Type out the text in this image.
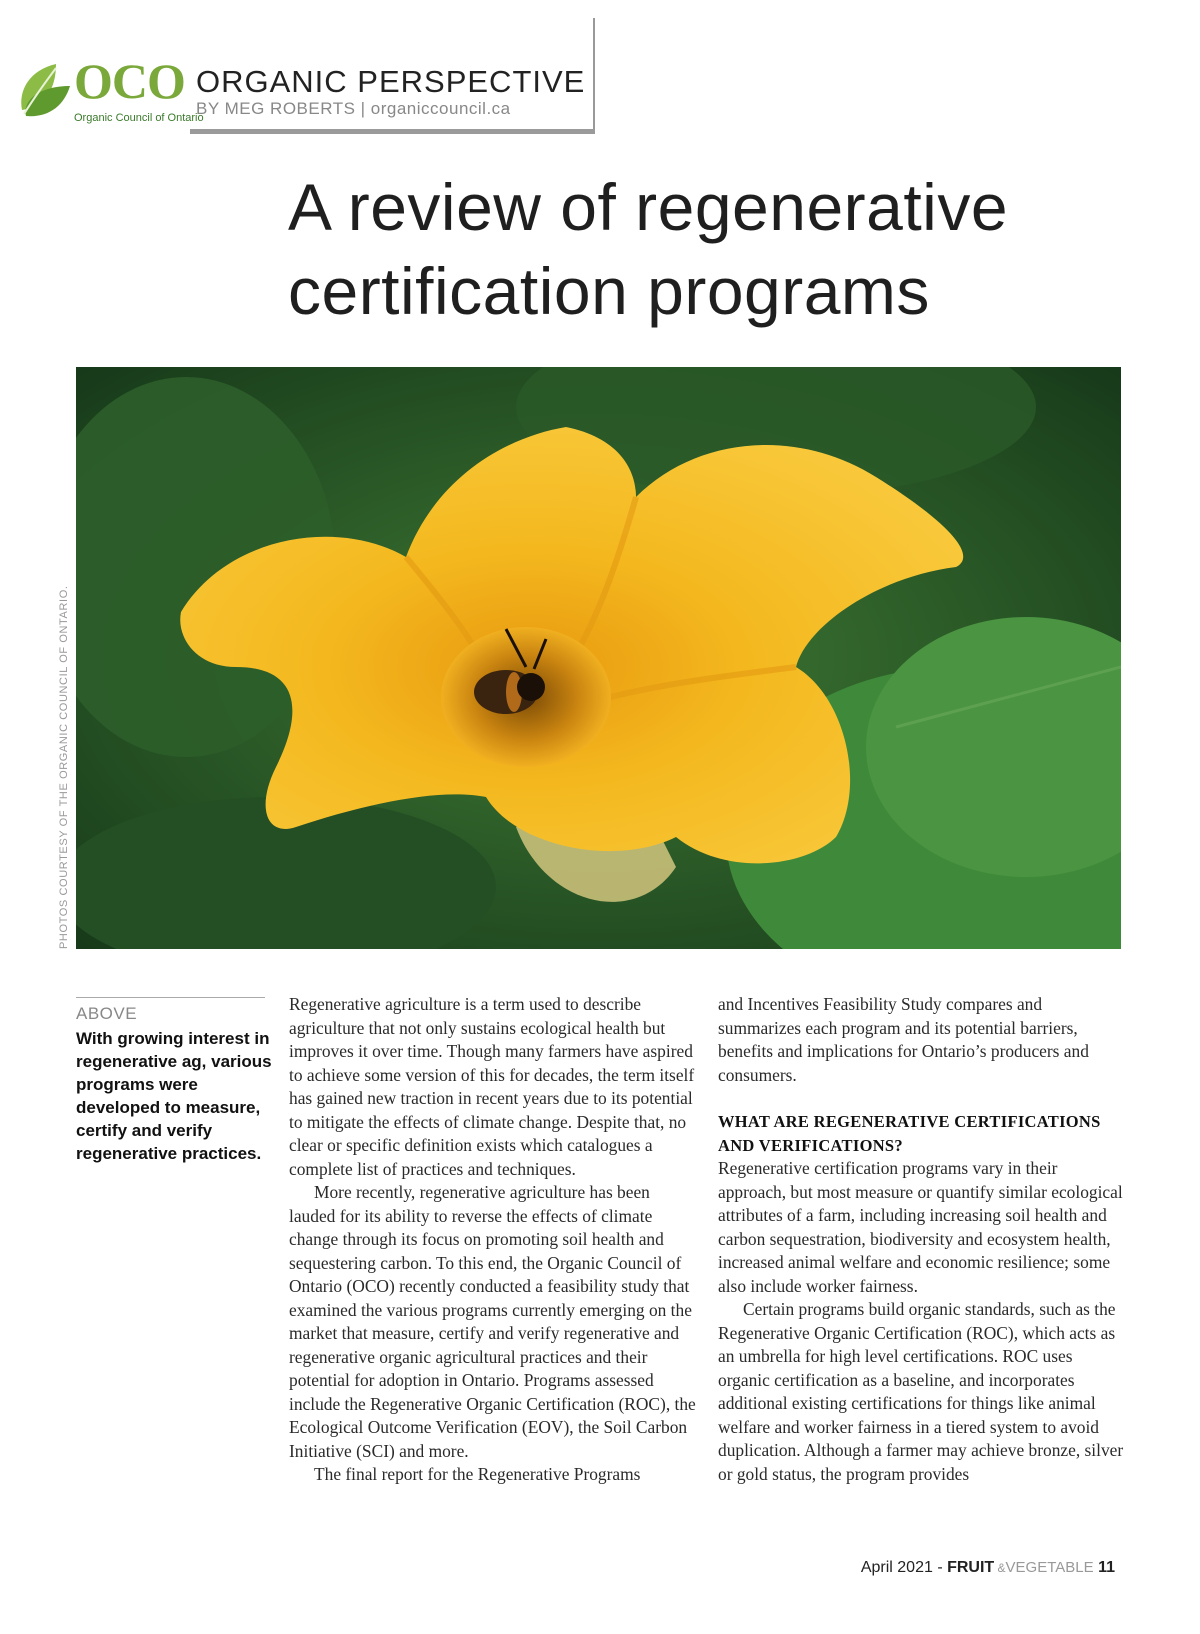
OCO
Organic Council of Ontario
ORGANIC PERSPECTIVE
BY MEG ROBERTS | organiccouncil.ca
A review of regenerative
certification programs
PHOTOS COURTESY OF THE ORGANIC COUNCIL OF ONTARIO.
ABOVE
With growing interest in regenerative ag, various programs were developed to measure, certify and verify regenerative practices.

Regenerative agriculture is a term used to describe agriculture that not only sustains ecological health but improves it over time. Though many farmers have aspired to achieve some version of this for decades, the term itself has gained new traction in recent years due to its potential to mitigate the effects of climate change. Despite that, no clear or specific definition exists which catalogues a complete list of practices and techniques.

More recently, regenerative agriculture has been lauded for its ability to reverse the effects of climate change through its focus on promoting soil health and sequestering carbon. To this end, the Organic Council of Ontario (OCO) recently conducted a feasibility study that examined the various programs currently emerging on the market that measure, certify and verify regenerative and regenerative organic agricultural practices and their potential for adoption in Ontario. Programs assessed include the Regenerative Organic Certification (ROC), the Ecological Outcome Verification (EOV), the Soil Carbon Initiative (SCI) and more.

The final report for the Regenerative Programs

and Incentives Feasibility Study compares and summarizes each program and its potential barriers, benefits and implications for Ontario’s producers and consumers.

WHAT ARE REGENERATIVE CERTIFICATIONS AND VERIFICATIONS?

Regenerative certification programs vary in their approach, but most measure or quantify similar ecological attributes of a farm, including increasing soil health and carbon sequestration, biodiversity and ecosystem health, increased animal welfare and economic resilience; some also include worker fairness.

Certain programs build organic standards, such as the Regenerative Organic Certification (ROC), which acts as an umbrella for high level certifications. ROC uses organic certification as a baseline, and incorporates additional existing certifications for things like animal welfare and worker fairness in a tiered system to avoid duplication. Although a farmer may achieve bronze, silver or gold status, the program provides

April 2021 - FRUIT &VEGETABLE 11
